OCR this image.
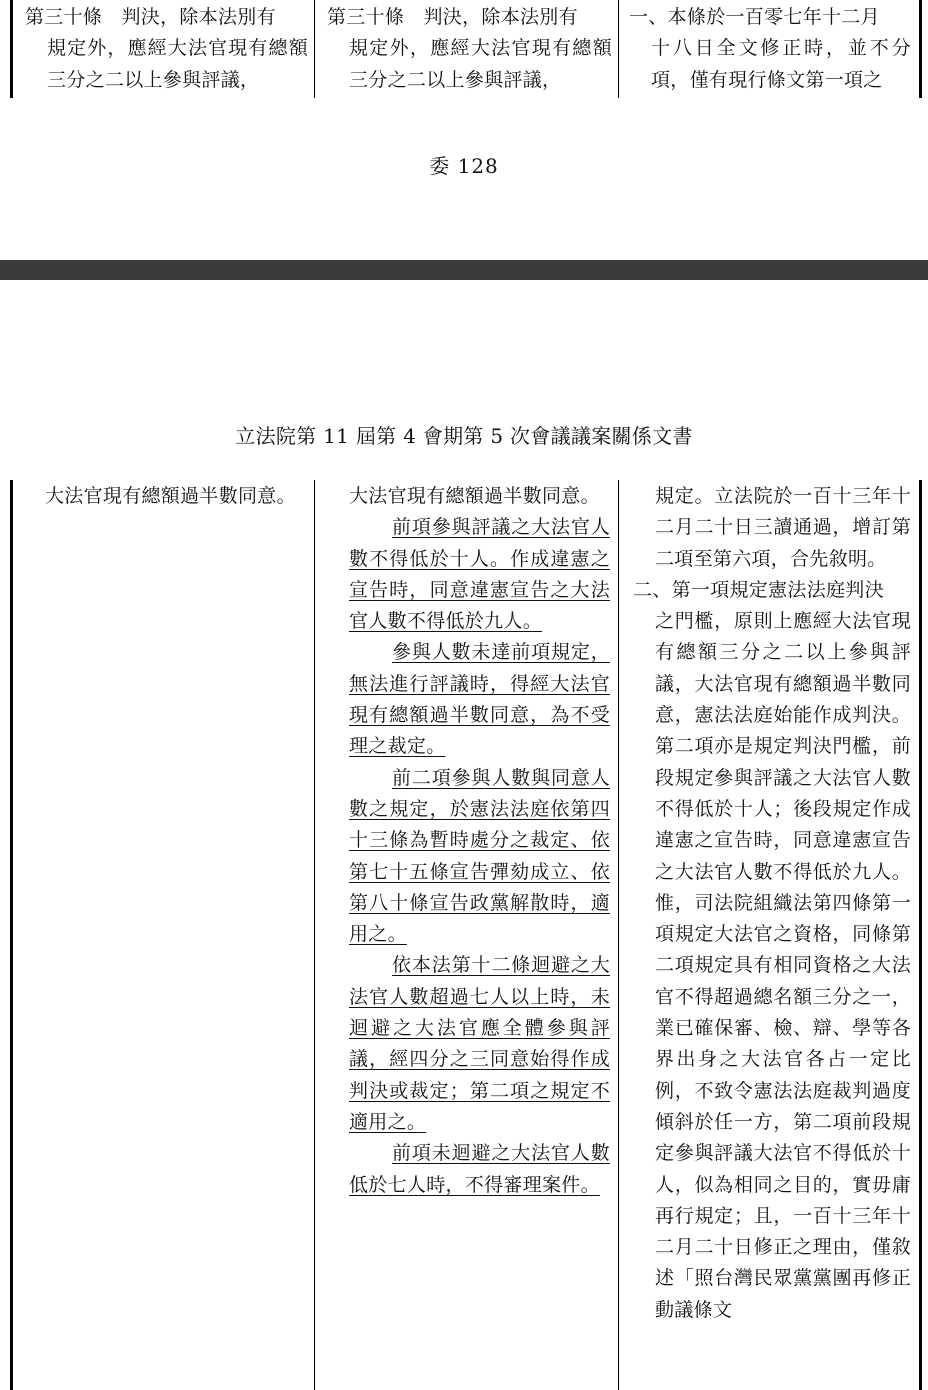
第三十條　判決，除本法別有

規定外，應經大法官現有總額三分之二以上參與評議，

第三十條　判決，除本法別有

規定外，應經大法官現有總額三分之二以上參與評議，

一、本條於一百零七年十二月

十八日全文修正時，並不分項，僅有現行條文第一項之

委 128
立法院第 11 屆第 4 會期第 5 次會議議案關係文書

大法官現有總額過半數同意。	大法官現有總額過半數同意。

前項參與評議之大法官人數不得低於十人。作成違憲之宣告時，同意違憲宣告之大法官人數不得低於九人。

參與人數未達前項規定，無法進行評議時，得經大法官現有總額過半數同意，為不受理之裁定。

前二項參與人數與同意人數之規定，於憲法法庭依第四十三條為暫時處分之裁定、依第七十五條宣告彈劾成立、依第八十條宣告政黨解散時，適用之。

依本法第十二條迴避之大法官人數超過七人以上時，未迴避之大法官應全體參與評議，經四分之三同意始得作成判決或裁定；第二項之規定不適用之。

前項未迴避之大法官人數低於七人時，不得審理案件。

規定。立法院於一百十三年十二月二十日三讀通過，增訂第二項至第六項，合先敘明。

二、第一項規定憲法法庭判決

之門檻，原則上應經大法官現有總額三分之二以上參與評議，大法官現有總額過半數同意，憲法法庭始能作成判決。第二項亦是規定判決門檻，前段規定參與評議之大法官人數不得低於十人；後段規定作成違憲之宣告時，同意違憲宣告之大法官人數不得低於九人。惟，司法院組織法第四條第一項規定大法官之資格，同條第二項規定具有相同資格之大法官不得超過總名額三分之一，業已確保審、檢、辯、學等各界出身之大法官各占一定比例，不致令憲法法庭裁判過度傾斜於任一方，第二項前段規定參與評議大法官不得低於十人，似為相同之目的，實毋庸再行規定；且，一百十三年十二月二十日修正之理由，僅敘述「照台灣民眾黨黨團再修正動議條文
